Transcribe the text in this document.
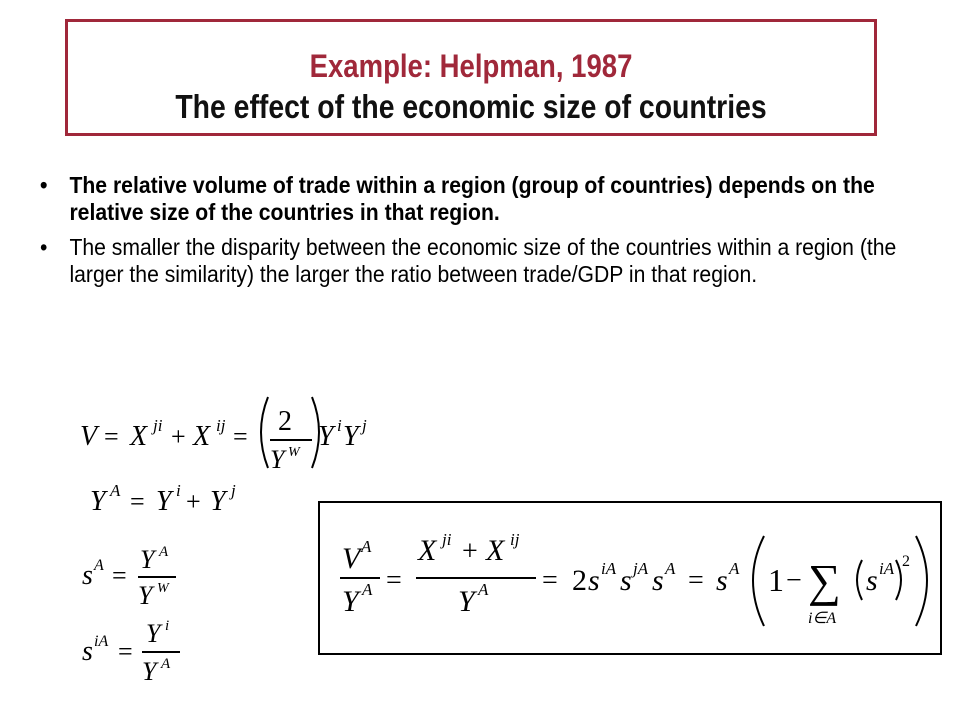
Example: Helpman, 1987
The effect of the economic size of countries
• The relative volume of trade within a region (group of countries) depends on the relative size of the countries in that region.
• The smaller the disparity between the economic size of the countries within a region (the larger the similarity) the larger the ratio between trade/GDP in that region.
V = X ji + X ij = 2
Y W
Y i Y j
Y A = Y i + Y j
s A =
Y A
Y W
s iA =
Y i
Y A
V A
Y A =
X ji + X ij
Y A = 2 s iA s jA s A = s A 1 − ∑
i∈A
s iA 2
